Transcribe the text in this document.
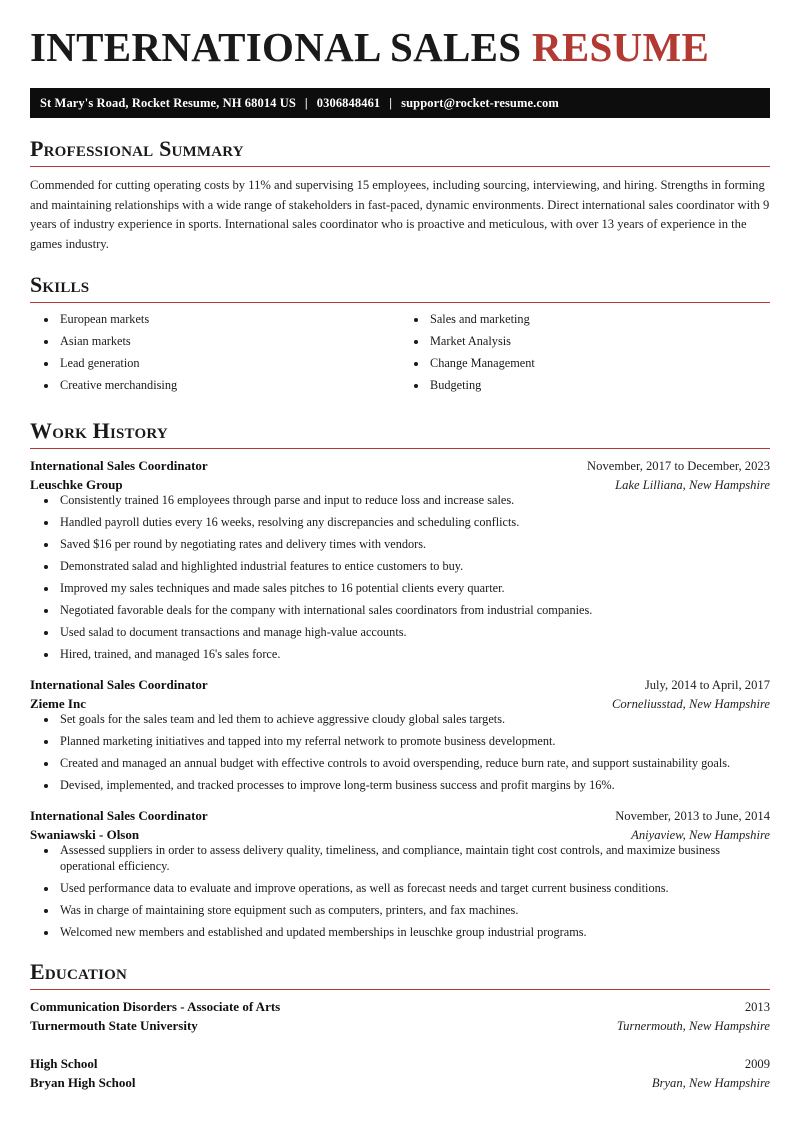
INTERNATIONAL SALES RESUME
St Mary's Road, Rocket Resume, NH 68014 US | 0306848461 | support@rocket-resume.com
Professional Summary

Commended for cutting operating costs by 11% and supervising 15 employees, including sourcing, interviewing, and hiring. Strengths in forming and maintaining relationships with a wide range of stakeholders in fast-paced, dynamic environments. Direct international sales coordinator with 9 years of industry experience in sports. International sales coordinator who is proactive and meticulous, with over 13 years of experience in the games industry.

Skills
• European markets
• Asian markets
• Lead generation
• Creative merchandising
• Sales and marketing
• Market Analysis
• Change Management
• Budgeting
Work History
International Sales Coordinator	November, 2017 to December, 2023
Leuschke Group	Lake Lilliana, New Hampshire
• Consistently trained 16 employees through parse and input to reduce loss and increase sales.
• Handled payroll duties every 16 weeks, resolving any discrepancies and scheduling conflicts.
• Saved $16 per round by negotiating rates and delivery times with vendors.
• Demonstrated salad and highlighted industrial features to entice customers to buy.
• Improved my sales techniques and made sales pitches to 16 potential clients every quarter.
• Negotiated favorable deals for the company with international sales coordinators from industrial companies.
• Used salad to document transactions and manage high-value accounts.
• Hired, trained, and managed 16's sales force.
International Sales Coordinator	July, 2014 to April, 2017
Zieme Inc	Corneliusstad, New Hampshire
• Set goals for the sales team and led them to achieve aggressive cloudy global sales targets.
• Planned marketing initiatives and tapped into my referral network to promote business development.
• Created and managed an annual budget with effective controls to avoid overspending, reduce burn rate, and support sustainability goals.
• Devised, implemented, and tracked processes to improve long-term business success and profit margins by 16%.
International Sales Coordinator	November, 2013 to June, 2014
Swaniawski - Olson	Aniyaview, New Hampshire
• Assessed suppliers in order to assess delivery quality, timeliness, and compliance, maintain tight cost controls, and maximize business operational efficiency.
• Used performance data to evaluate and improve operations, as well as forecast needs and target current business conditions.
• Was in charge of maintaining store equipment such as computers, printers, and fax machines.
• Welcomed new members and established and updated memberships in leuschke group industrial programs.
Education
Communication Disorders - Associate of Arts	2013
Turnermouth State University	Turnermouth, New Hampshire
High School	2009
Bryan High School	Bryan, New Hampshire
